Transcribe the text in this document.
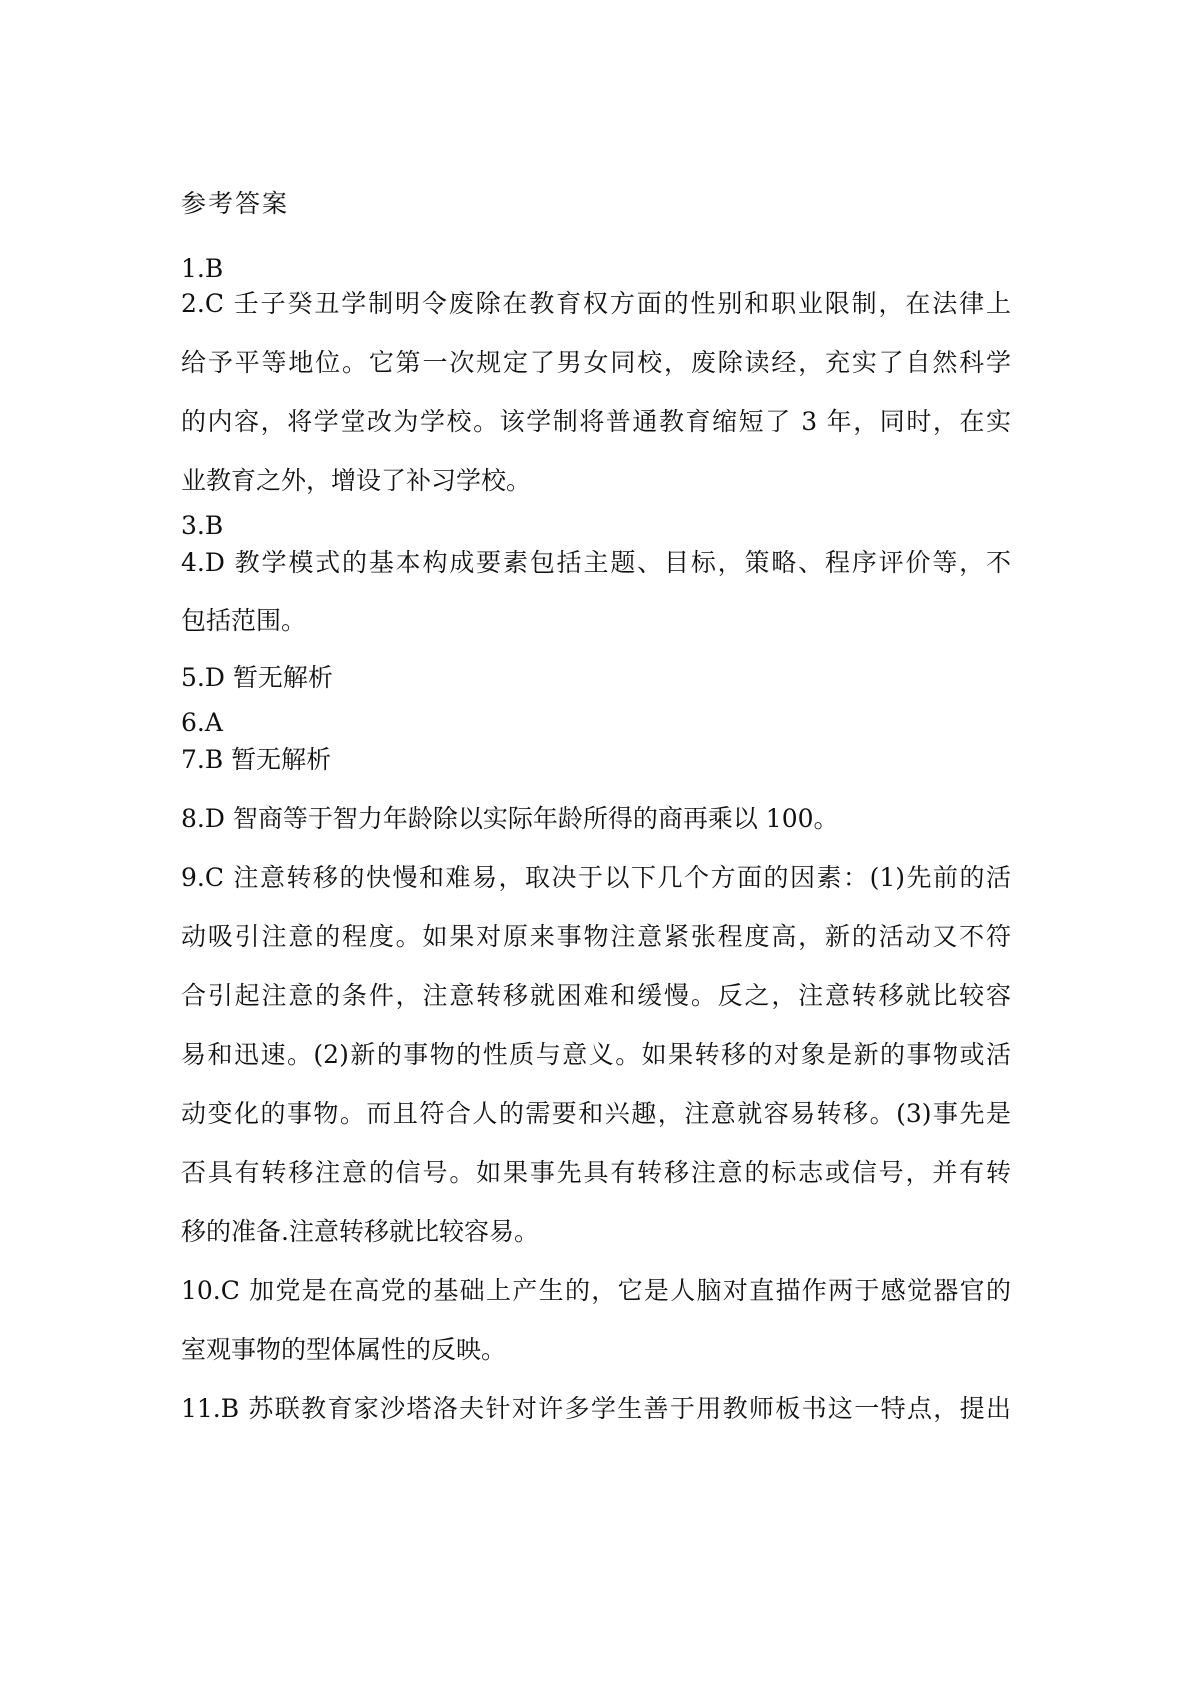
参考答案
1.B
2.C 壬子癸丑学制明令废除在教育权方面的性别和职业限制，在法律上
给予平等地位。它第一次规定了男女同校，废除读经，充实了自然科学
的内容，将学堂改为学校。该学制将普通教育缩短了 3 年，同时，在实
业教育之外，增设了补习学校。
3.B
4.D 教学模式的基本构成要素包括主题、目标，策略、程序评价等，不
包括范围。
5.D 暂无解析
6.A
7.B 暂无解析
8.D 智商等于智力年龄除以实际年龄所得的商再乘以 100。
9.C 注意转移的快慢和难易，取决于以下几个方面的因素：(1)先前的活
动吸引注意的程度。如果对原来事物注意紧张程度高，新的活动又不符
合引起注意的条件，注意转移就困难和缓慢。反之，注意转移就比较容
易和迅速。(2)新的事物的性质与意义。如果转移的对象是新的事物或活
动变化的事物。而且符合人的需要和兴趣，注意就容易转移。(3)事先是
否具有转移注意的信号。如果事先具有转移注意的标志或信号，并有转
移的准备.注意转移就比较容易。
10.C 加党是在高党的基础上产生的，它是人脑对直描作两于感觉器官的
室观事物的型体属性的反映。
11.B 苏联教育家沙塔洛夫针对许多学生善于用教师板书这一特点，提出
